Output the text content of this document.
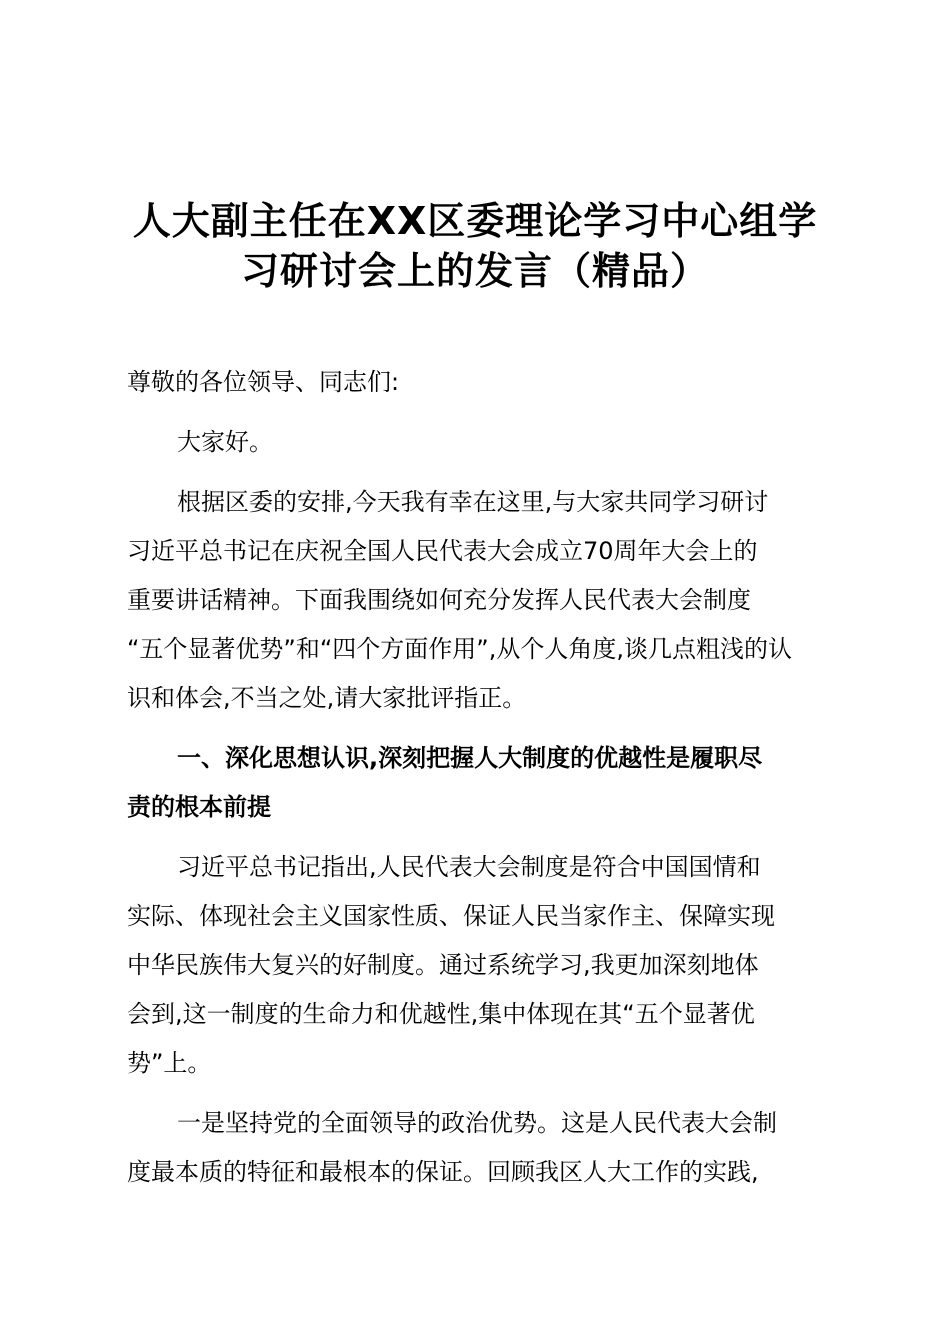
人大副主任在XX区委理论学习中心组学
习研讨会上的发言（精品）
尊敬的各位领导、同志们:
大家好。
根据区委的安排,今天我有幸在这里,与大家共同学习研讨
习近平总书记在庆祝全国人民代表大会成立70周年大会上的
重要讲话精神。下面我围绕如何充分发挥人民代表大会制度
“五个显著优势”和“四个方面作用”,从个人角度,谈几点粗浅的认
识和体会,不当之处,请大家批评指正。
一、深化思想认识,深刻把握人大制度的优越性是履职尽
责的根本前提
习近平总书记指出,人民代表大会制度是符合中国国情和
实际、体现社会主义国家性质、保证人民当家作主、保障实现
中华民族伟大复兴的好制度。通过系统学习,我更加深刻地体
会到,这一制度的生命力和优越性,集中体现在其“五个显著优
势”上。
一是坚持党的全面领导的政治优势。这是人民代表大会制
度最本质的特征和最根本的保证。回顾我区人大工作的实践,
